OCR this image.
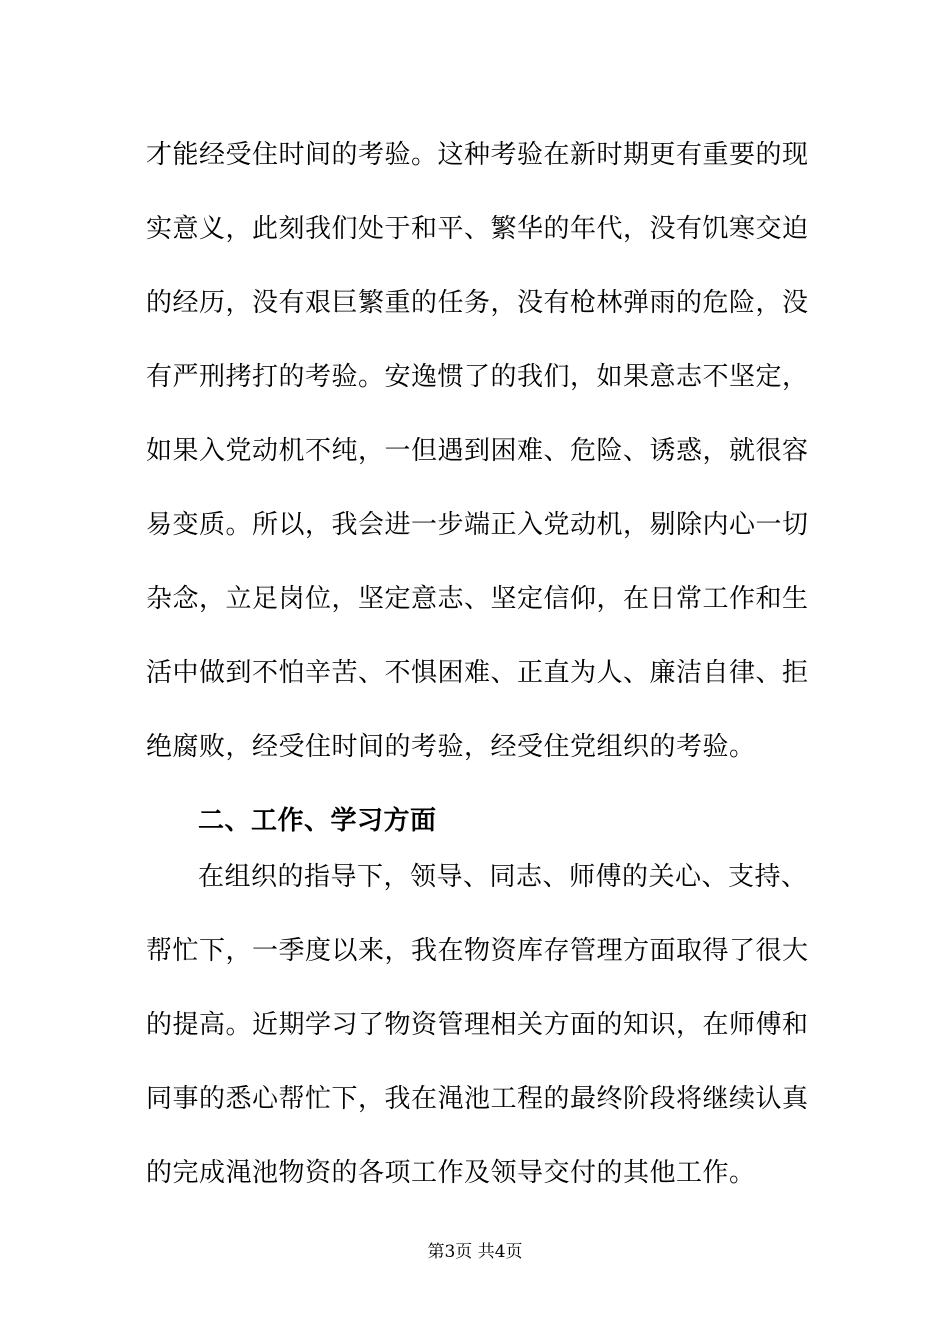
才能经受住时间的考验。这种考验在新时期更有重要的现
实意义，此刻我们处于和平、繁华的年代，没有饥寒交迫
的经历，没有艰巨繁重的任务，没有枪林弹雨的危险，没
有严刑拷打的考验。安逸惯了的我们，如果意志不坚定，
如果入党动机不纯，一但遇到困难、危险、诱惑，就很容
易变质。所以，我会进一步端正入党动机，剔除内心一切
杂念，立足岗位，坚定意志、坚定信仰，在日常工作和生
活中做到不怕辛苦、不惧困难、正直为人、廉洁自律、拒
绝腐败，经受住时间的考验，经受住党组织的考验。
二、工作、学习方面
在组织的指导下，领导、同志、师傅的关心、支持、
帮忙下，一季度以来，我在物资库存管理方面取得了很大
的提高。近期学习了物资管理相关方面的知识，在师傅和
同事的悉心帮忙下，我在渑池工程的最终阶段将继续认真
的完成渑池物资的各项工作及领导交付的其他工作。
第3页 共4页
